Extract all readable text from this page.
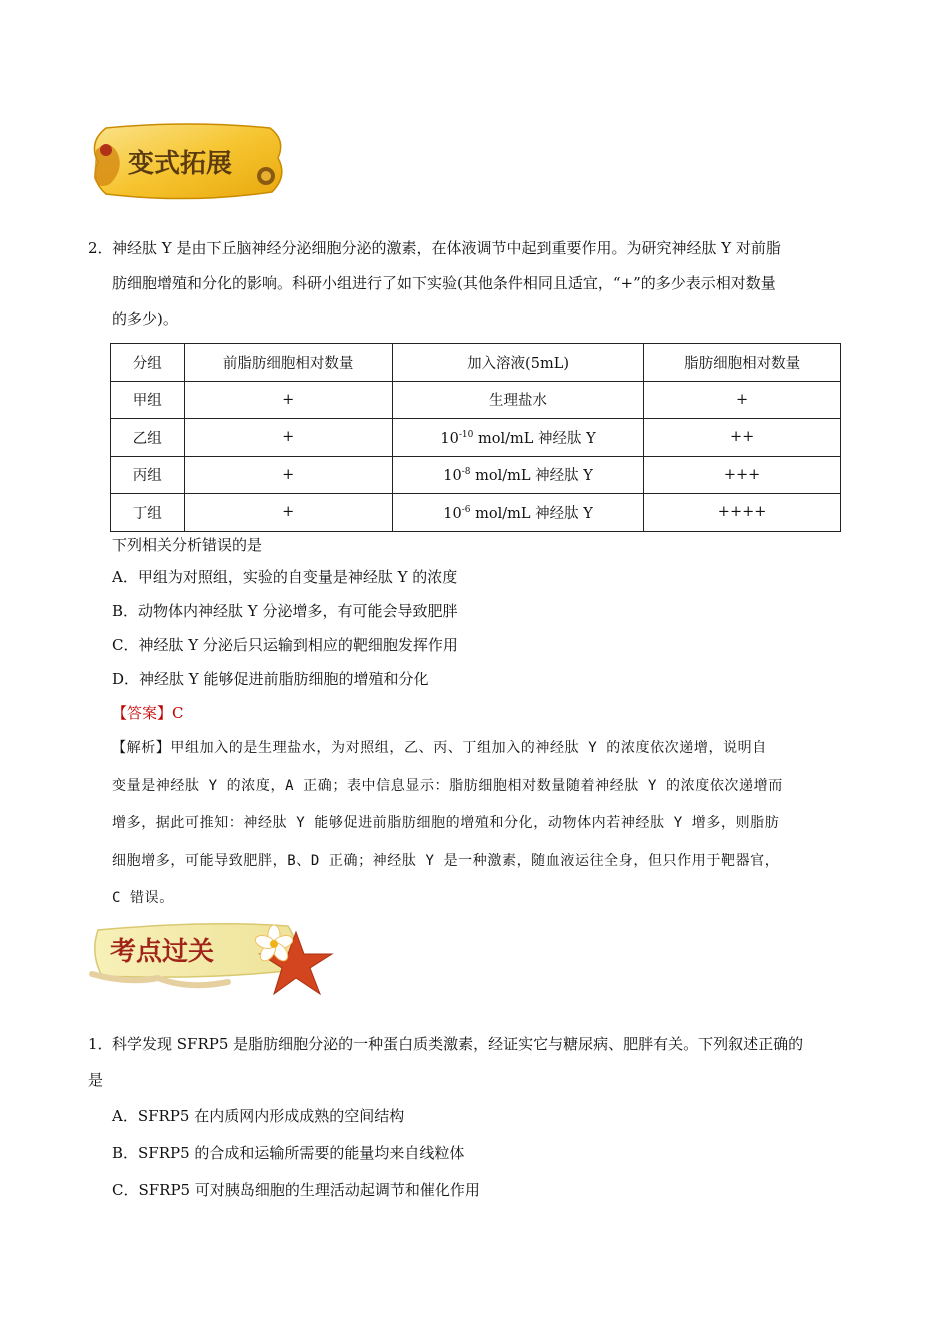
变式拓展
2． 神经肽 Y 是由下丘脑神经分泌细胞分泌的激素，在体液调节中起到重要作用。为研究神经肽 Y 对前脂
肪细胞增殖和分化的影响。科研小组进行了如下实验(其他条件相同且适宜，“+”的多少表示相对数量
的多少)。
分组	前脂肪细胞相对数量	加入溶液(5mL)	脂肪细胞相对数量
甲组	+	生理盐水	+
乙组	+	$10^{-10}$ mol/mL 神经肽 Y	++
丙组	+	$10^{-8}$ mol/mL 神经肽 Y	+++
丁组	+	$10^{-6}$ mol/mL 神经肽 Y	++++
下列相关分析错误的是
A．甲组为对照组，实验的自变量是神经肽 Y 的浓度
B．动物体内神经肽 Y 分泌增多，有可能会导致肥胖
C．神经肽 Y 分泌后只运输到相应的靶细胞发挥作用
D．神经肽 Y 能够促进前脂肪细胞的增殖和分化
【答案】C
【解析】甲组加入的是生理盐水，为对照组，乙、丙、丁组加入的神经肽 Y 的浓度依次递增，说明自
变量是神经肽 Y 的浓度，A 正确；表中信息显示：脂肪细胞相对数量随着神经肽 Y 的浓度依次递增而
增多，据此可推知：神经肽 Y 能够促进前脂肪细胞的增殖和分化，动物体内若神经肽 Y 增多，则脂肪
细胞增多，可能导致肥胖，B、D 正确；神经肽 Y 是一种激素，随血液运往全身，但只作用于靶器官，
C 错误。
考点过关
1． 科学发现 SFRP5 是脂肪细胞分泌的一种蛋白质类激素，经证实它与糖尿病、肥胖有关。下列叙述正确的
是
A．SFRP5 在内质网内形成成熟的空间结构
B．SFRP5 的合成和运输所需要的能量均来自线粒体
C．SFRP5 可对胰岛细胞的生理活动起调节和催化作用
